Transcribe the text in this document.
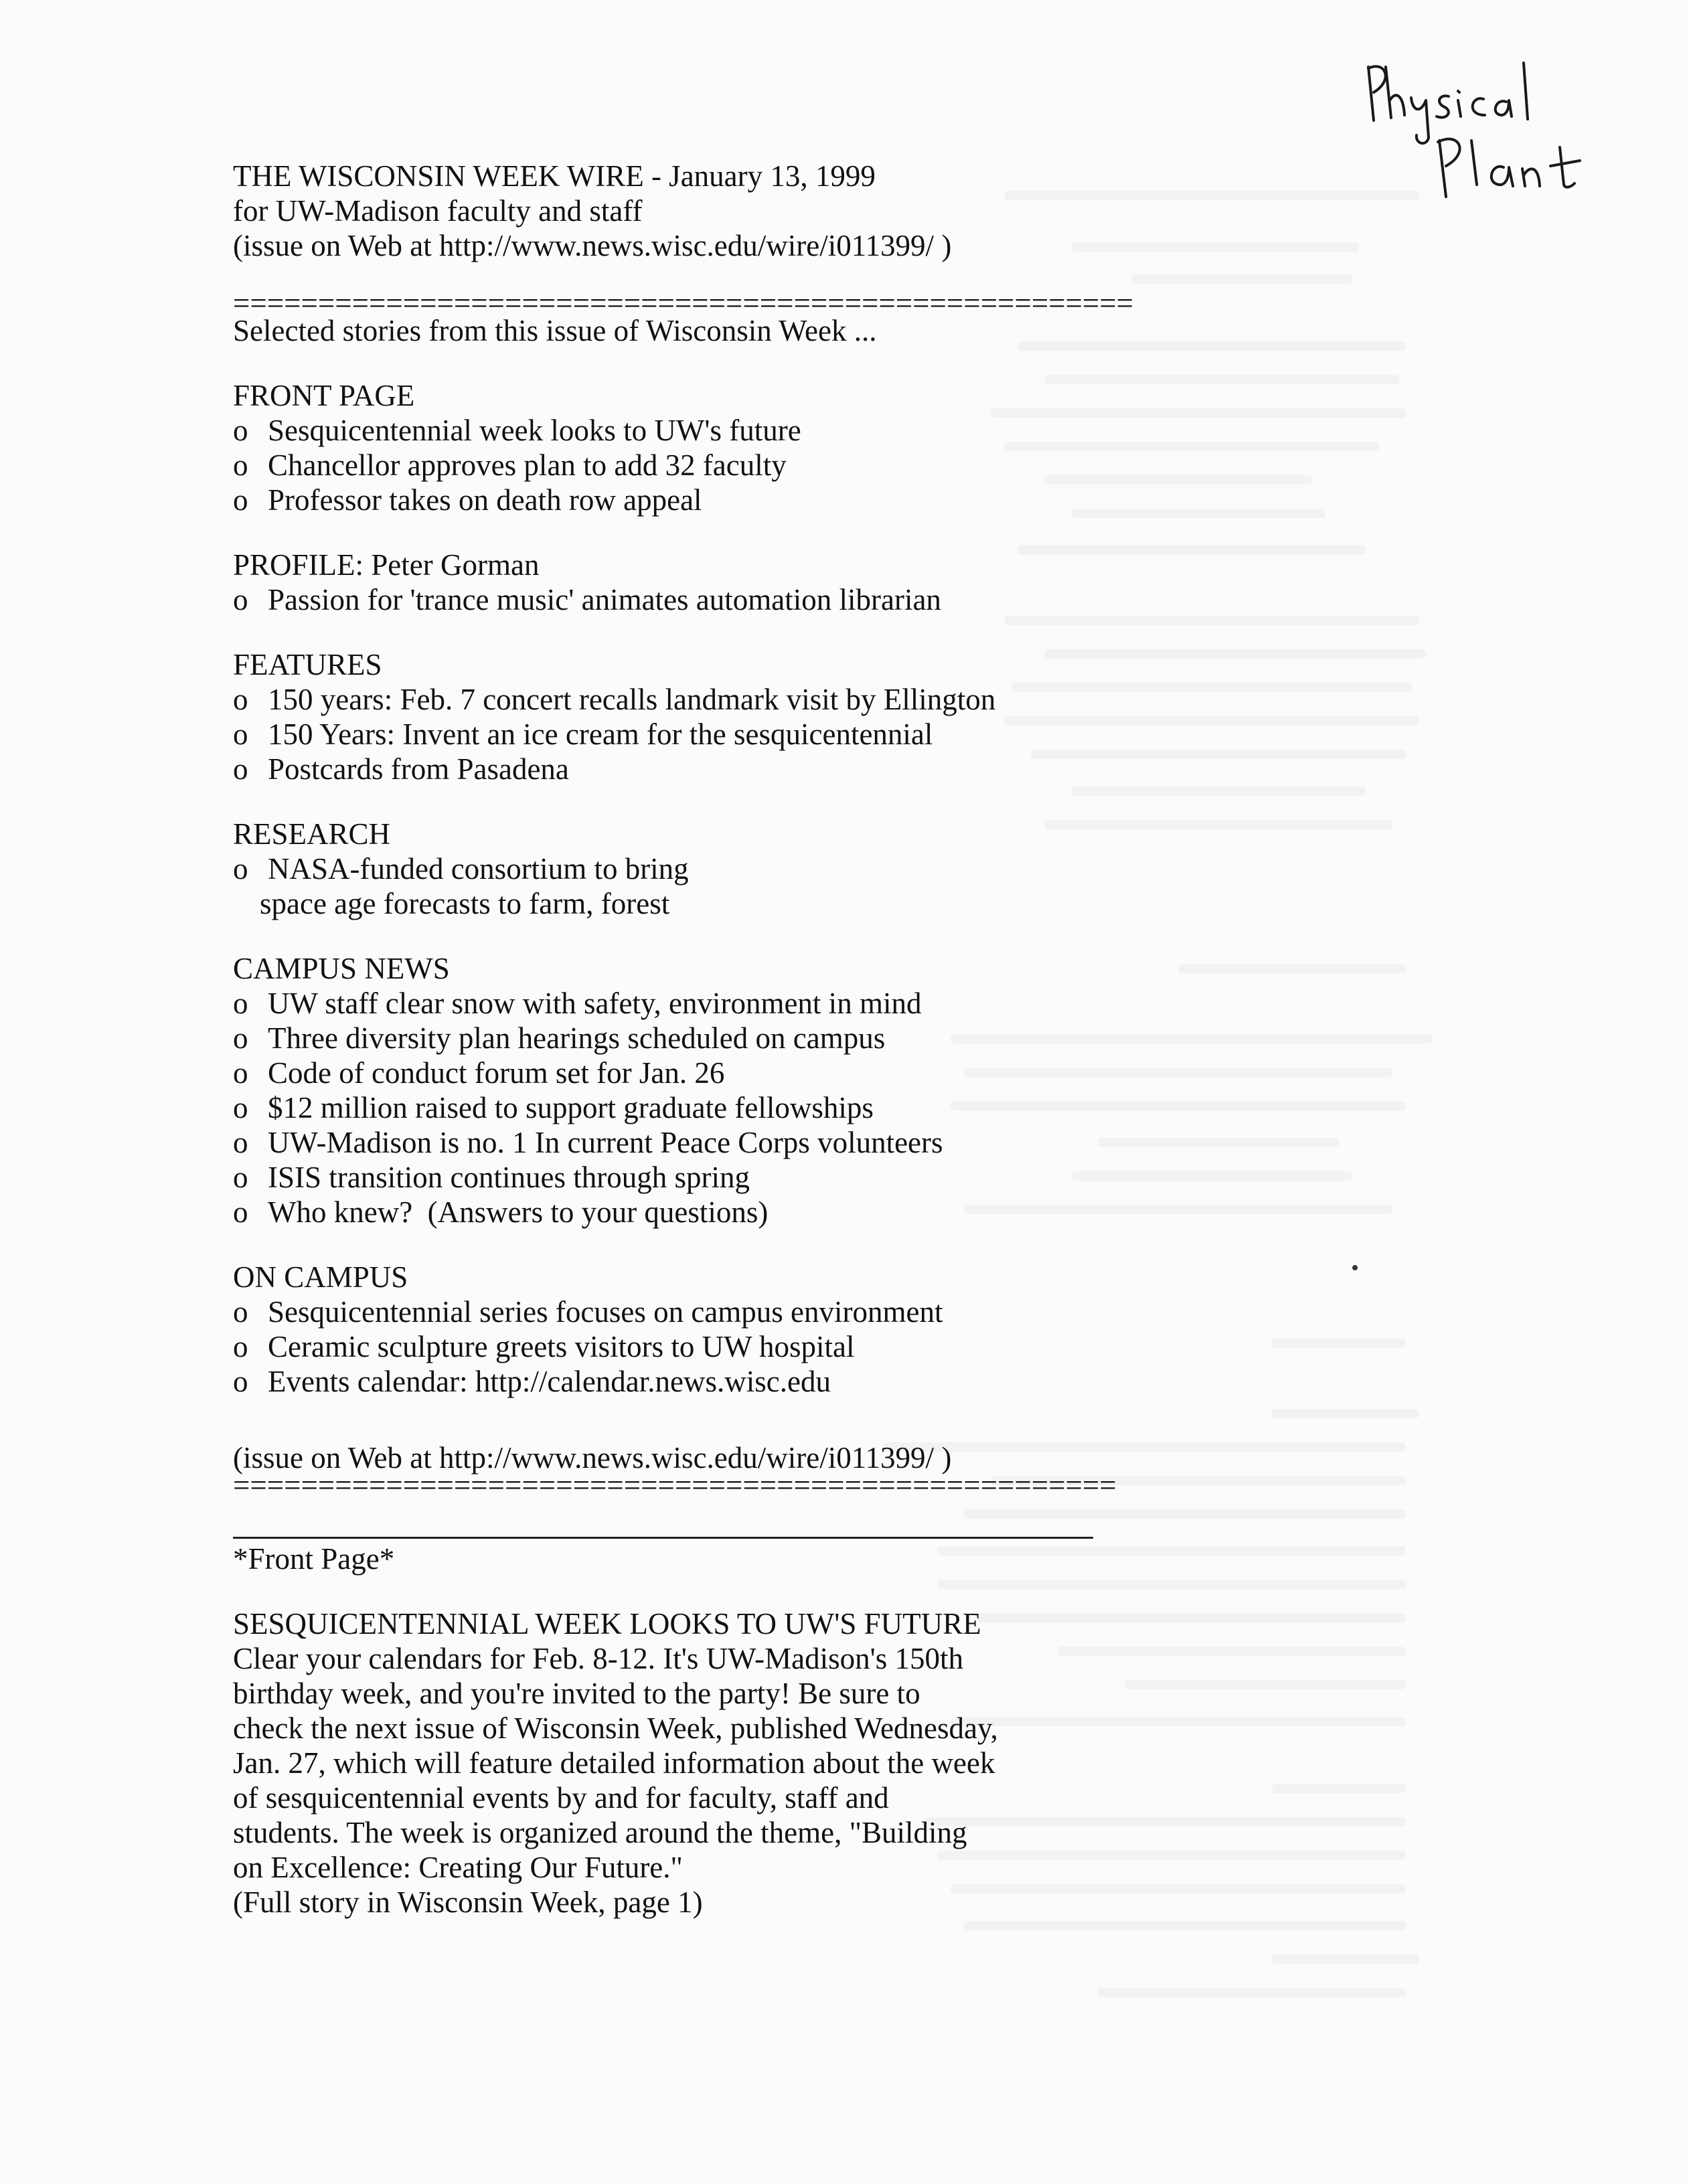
THE WISCONSIN WEEK WIRE - January 13, 1999
for UW-Madison faculty and staff
(issue on Web at http://www.news.wisc.edu/wire/i011399/ )
=====================================================
Selected stories from this issue of Wisconsin Week ...
FRONT PAGE
o Sesquicentennial week looks to UW's future
o Chancellor approves plan to add 32 faculty
o Professor takes on death row appeal
PROFILE: Peter Gorman
o Passion for 'trance music' animates automation librarian
FEATURES
o 150 years: Feb. 7 concert recalls landmark visit by Ellington
o 150 Years: Invent an ice cream for the sesquicentennial
o Postcards from Pasadena
RESEARCH
o NASA-funded consortium to bring
space age forecasts to farm, forest
CAMPUS NEWS
o UW staff clear snow with safety, environment in mind
o Three diversity plan hearings scheduled on campus
o Code of conduct forum set for Jan. 26
o $12 million raised to support graduate fellowships
o UW-Madison is no. 1 In current Peace Corps volunteers
o ISIS transition continues through spring
o Who knew?  (Answers to your questions)
ON CAMPUS
o Sesquicentennial series focuses on campus environment
o Ceramic sculpture greets visitors to UW hospital
o Events calendar: http://calendar.news.wisc.edu
(issue on Web at http://www.news.wisc.edu/wire/i011399/ )
====================================================
*Front Page*
SESQUICENTENNIAL WEEK LOOKS TO UW'S FUTURE
Clear your calendars for Feb. 8-12. It's UW-Madison's 150th
birthday week, and you're invited to the party! Be sure to
check the next issue of Wisconsin Week, published Wednesday,
Jan. 27, which will feature detailed information about the week
of sesquicentennial events by and for faculty, staff and
students. The week is organized around the theme, "Building
on Excellence: Creating Our Future."
(Full story in Wisconsin Week, page 1)
